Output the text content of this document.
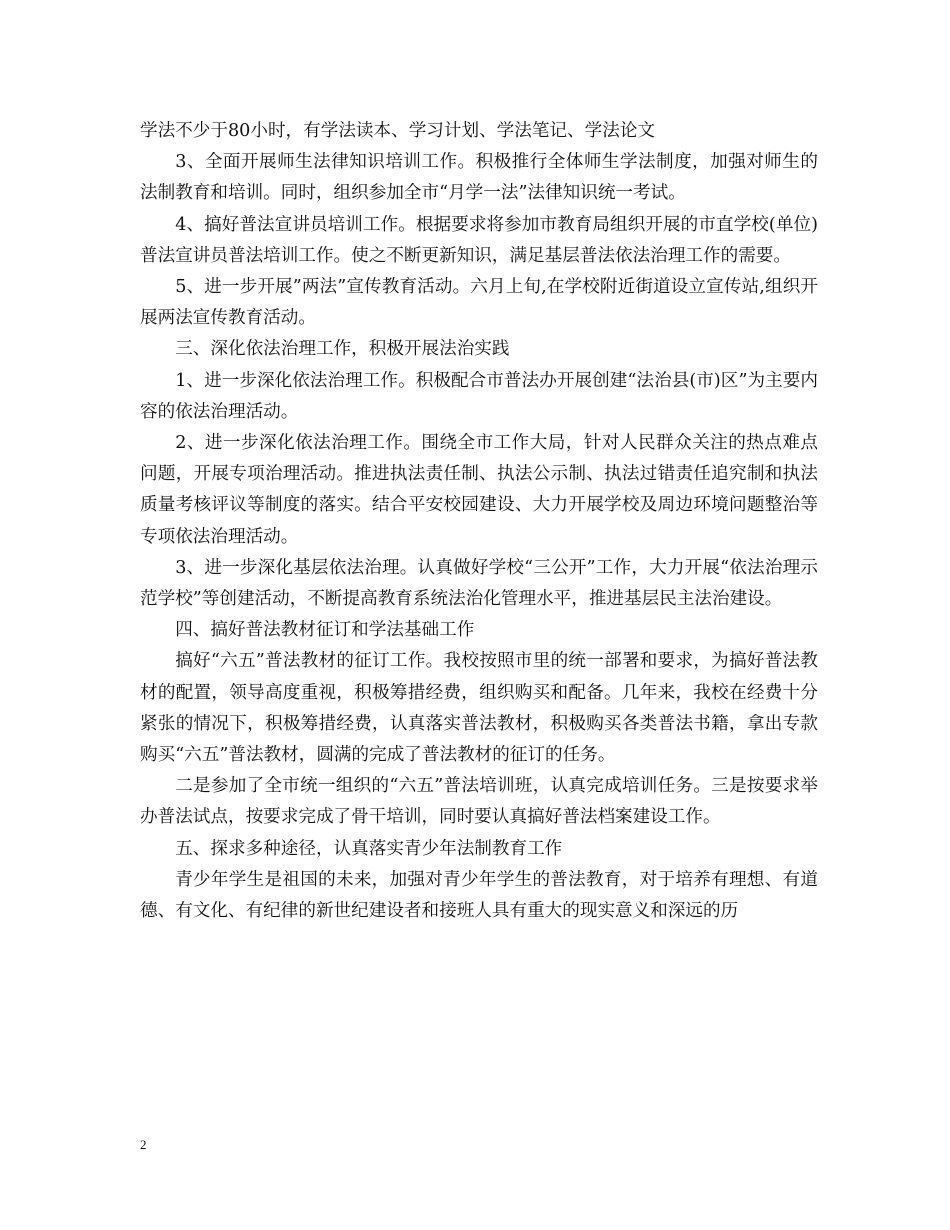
学法不少于80小时，有学法读本、学习计划、学法笔记、学法论文

3、全面开展师生法律知识培训工作。积极推行全体师生学法制度，加强对师生的法制教育和培训。同时，组织参加全市“月学一法”法律知识统一考试。

4、搞好普法宣讲员培训工作。根据要求将参加市教育局组织开展的市直学校(单位)普法宣讲员普法培训工作。使之不断更新知识，满足基层普法依法治理工作的需要。

5、进一步开展”两法”宣传教育活动。六月上旬,在学校附近街道设立宣传站,组织开展两法宣传教育活动。

三、深化依法治理工作，积极开展法治实践

1、进一步深化依法治理工作。积极配合市普法办开展创建“法治县(市)区”为主要内容的依法治理活动。

2、进一步深化依法治理工作。围绕全市工作大局，针对人民群众关注的热点难点问题，开展专项治理活动。推进执法责任制、执法公示制、执法过错责任追究制和执法质量考核评议等制度的落实。结合平安校园建设、大力开展学校及周边环境问题整治等专项依法治理活动。

3、进一步深化基层依法治理。认真做好学校“三公开”工作，大力开展“依法治理示范学校”等创建活动，不断提高教育系统法治化管理水平，推进基层民主法治建设。

四、搞好普法教材征订和学法基础工作

搞好“六五”普法教材的征订工作。我校按照市里的统一部署和要求，为搞好普法教材的配置，领导高度重视，积极筹措经费，组织购买和配备。几年来，我校在经费十分紧张的情况下，积极筹措经费，认真落实普法教材，积极购买各类普法书籍，拿出专款购买“六五”普法教材，圆满的完成了普法教材的征订的任务。

二是参加了全市统一组织的“六五”普法培训班，认真完成培训任务。三是按要求举办普法试点，按要求完成了骨干培训，同时要认真搞好普法档案建设工作。

五、探求多种途径，认真落实青少年法制教育工作

青少年学生是祖国的未来，加强对青少年学生的普法教育，对于培养有理想、有道德、有文化、有纪律的新世纪建设者和接班人具有重大的现实意义和深远的历

2
